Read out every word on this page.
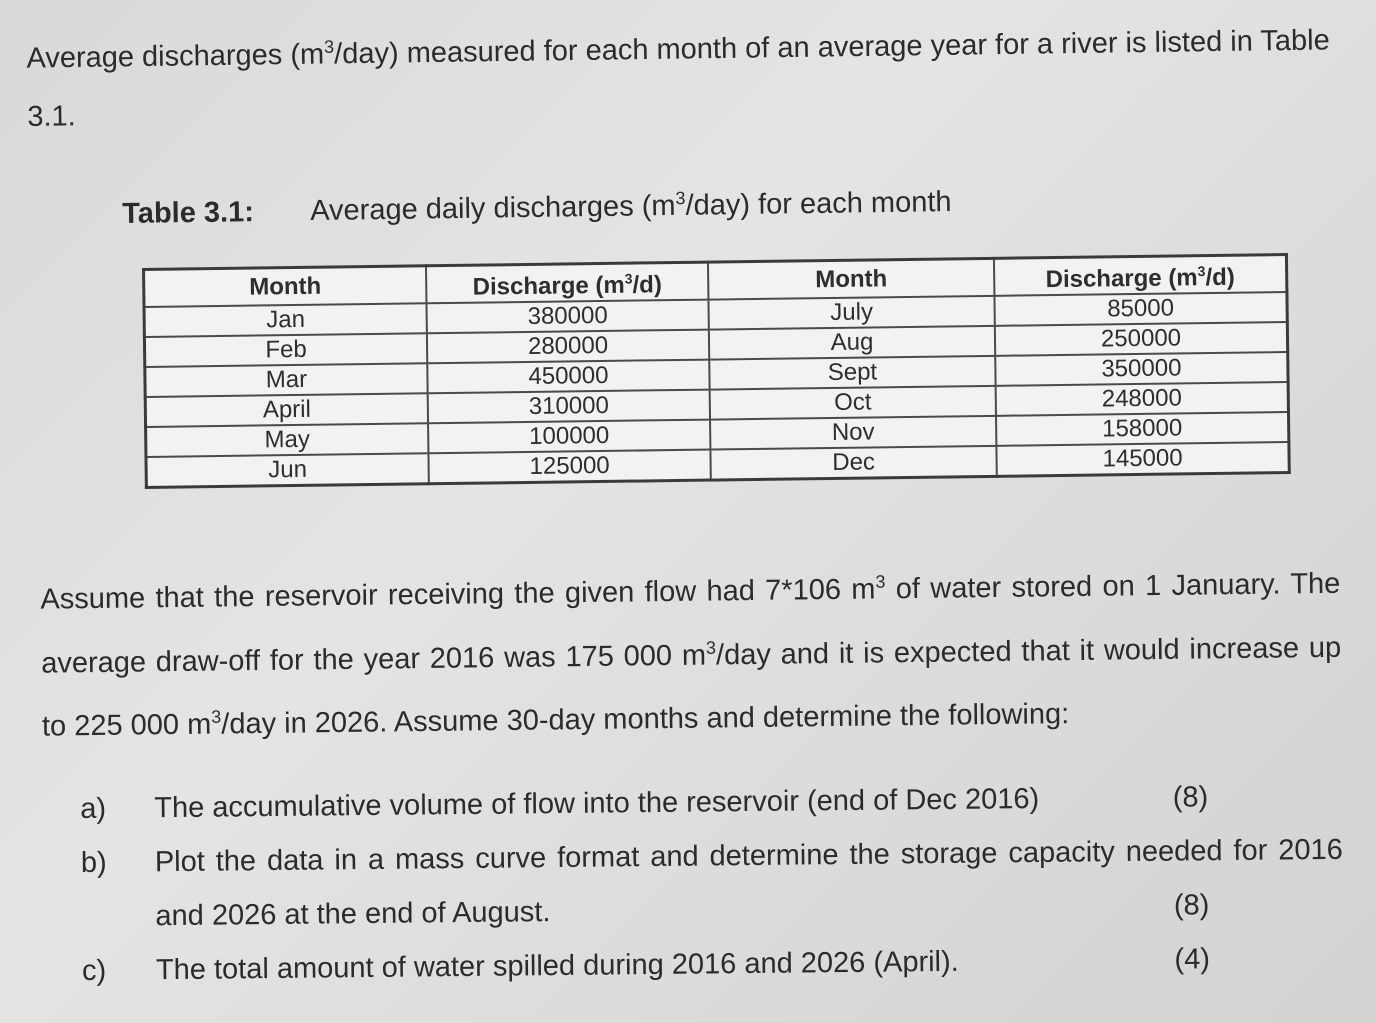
Average discharges $(m^3/day)$ measured for each month of an average year for a river is listed in Table 3.1.
Table 3.1: Average daily discharges $(m^3/day)$ for each month
Month	Discharge $(m^3/d)$	Month	Discharge $(m^3/d)$
Jan	380000	July	85000
Feb	280000	Aug	250000
Mar	450000	Sept	350000
April	310000	Oct	248000
May	100000	Nov	158000
Jun	125000	Dec	145000

Assume that the reservoir receiving the given flow had 7*106 $m^3$ of water stored on 1 January. The average draw-off for the year 2016 was 175 000 $m^3$/day and it is expected that it would increase up to 225 000 $m^3$/day in 2026. Assume 30-day months and determine the following:

a)	The accumulative volume of flow into the reservoir (end of Dec 2016)	(8)
b)	Plot the data in a mass curve format and determine the storage capacity needed for 2016 and 2026 at the end of August.	(8)
c)	The total amount of water spilled during 2016 and 2026 (April).	(4)
